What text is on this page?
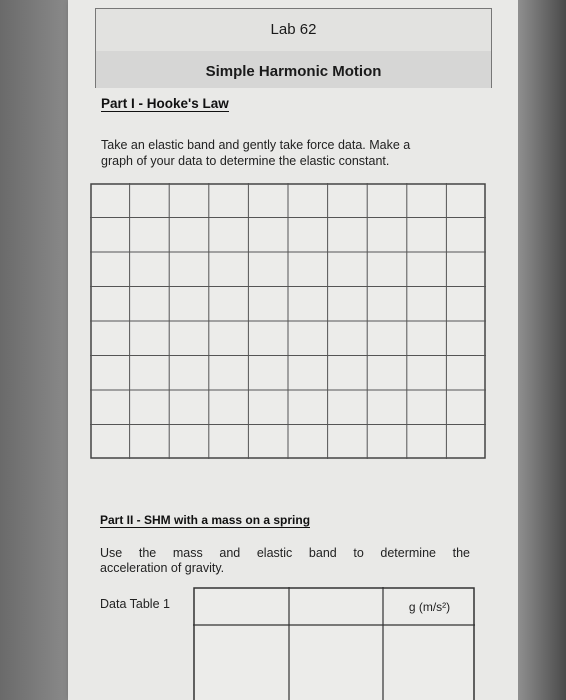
Lab 62
Simple Harmonic Motion
Part I - Hooke's Law
Take an elastic band and gently take force data. Make a
graph of your data to determine the elastic constant.
Part II - SHM with a mass on a spring
Use the mass and elastic band to determine the
acceleration of gravity.
Data Table 1	g (m/s²)
